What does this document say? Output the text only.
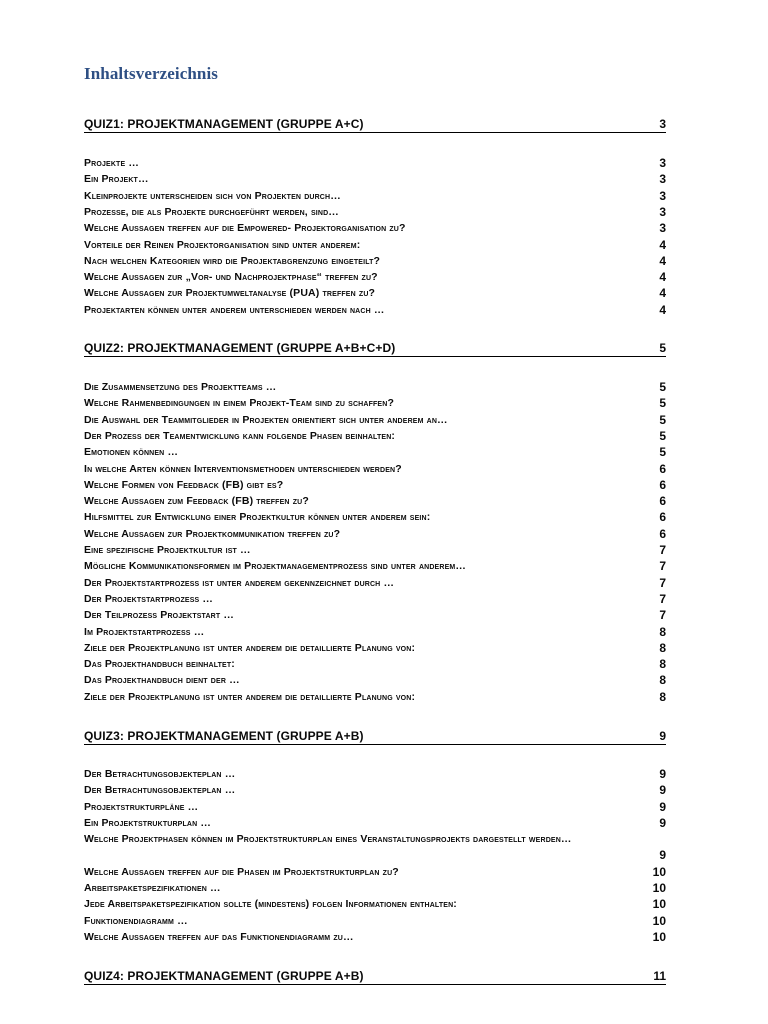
Inhaltsverzeichnis
QUIZ1: PROJEKTMANAGEMENT (GRUPPE A+C)	3
Projekte …	3
Ein Projekt…	3
Kleinprojekte unterscheiden sich von Projekten durch…	3
Prozesse, die als Projekte durchgeführt werden, sind…	3
Welche Aussagen treffen auf die Empowered- Projektorganisation zu?	3
Vorteile der Reinen Projektorganisation sind unter anderem:	4
Nach welchen Kategorien wird die Projektabgrenzung eingeteilt?	4
Welche Aussagen zur „Vor- und Nachprojektphase“ treffen zu?	4
Welche Aussagen zur Projektumweltanalyse (PUA) treffen zu?	4
Projektarten können unter anderem unterschieden werden nach …	4
QUIZ2: PROJEKTMANAGEMENT (GRUPPE A+B+C+D)	5
Die Zusammensetzung des Projektteams …	5
Welche Rahmenbedingungen in einem Projekt-Team sind zu schaffen?	5
Die Auswahl der Teammitglieder in Projekten orientiert sich unter anderem an…	5
Der Prozess der Teamentwicklung kann folgende Phasen beinhalten:	5
Emotionen können …	5
In welche Arten können Interventionsmethoden unterschieden werden?	6
Welche Formen von Feedback (FB) gibt es?	6
Welche Aussagen zum Feedback (FB) treffen zu?	6
Hilfsmittel zur Entwicklung einer Projektkultur können unter anderem sein:	6
Welche Aussagen zur Projektkommunikation treffen zu?	6
Eine spezifische Projektkultur ist …	7
Mögliche Kommunikationsformen im Projektmanagementprozess sind unter anderem…	7
Der Projektstartprozess ist unter anderem gekennzeichnet durch …	7
Der Projektstartprozess …	7
Der Teilprozess Projektstart …	7
Im Projektstartprozess …	8
Ziele der Projektplanung ist unter anderem die detaillierte Planung von:	8
Das Projekthandbuch beinhaltet:	8
Das Projekthandbuch dient der …	8
Ziele der Projektplanung ist unter anderem die detaillierte Planung von:	8
QUIZ3: PROJEKTMANAGEMENT (GRUPPE A+B)	9
Der Betrachtungsobjekteplan …	9
Der Betrachtungsobjekteplan …	9
Projektstrukturpläne …	9
Ein Projektstrukturplan …	9
Welche Projektphasen können im Projektstrukturplan eines Veranstaltungsprojekts dargestellt werden…
9
Welche Aussagen treffen auf die Phasen im Projektstrukturplan zu?	10
Arbeitspaketspezifikationen …	10
Jede Arbeitspaketspezifikation sollte (mindestens) folgen Informationen enthalten:	10
Funktionendiagramm …	10
Welche Aussagen treffen auf das Funktionendiagramm zu…	10
QUIZ4: PROJEKTMANAGEMENT (GRUPPE A+B)	11
